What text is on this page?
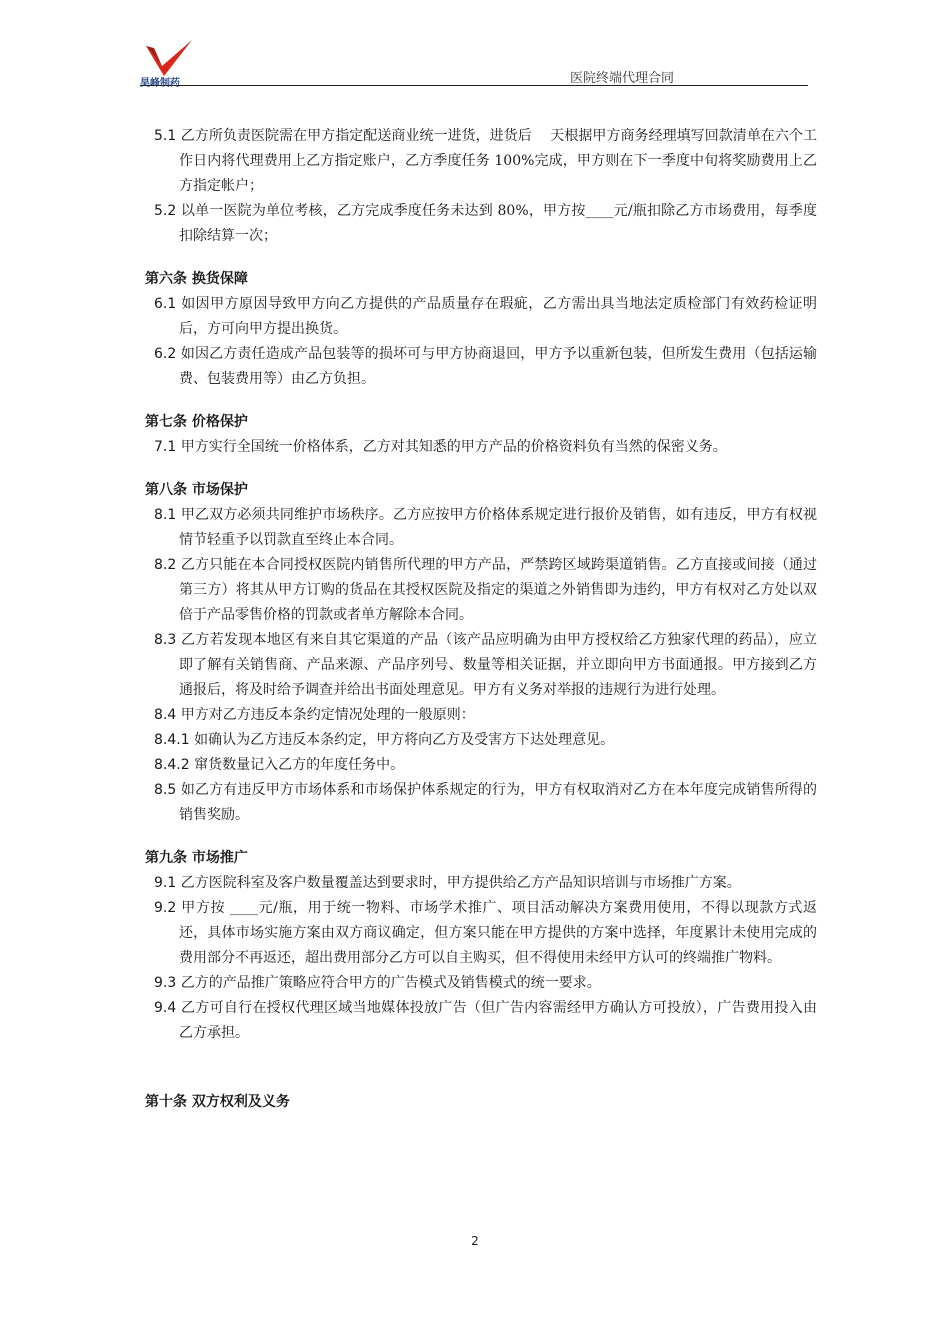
昊峰制药	医院终端代理合同

5.1 乙方所负责医院需在甲方指定配送商业统一进货，进货后　 天根据甲方商务经理填写回款清单在六个工作日内将代理费用上乙方指定账户，乙方季度任务 100%完成，甲方则在下一季度中旬将奖励费用上乙方指定帐户；

5.2 以单一医院为单位考核，乙方完成季度任务未达到 80%，甲方按____元/瓶扣除乙方市场费用，每季度扣除结算一次；

第六条 换货保障

6.1 如因甲方原因导致甲方向乙方提供的产品质量存在瑕疵，乙方需出具当地法定质检部门有效药检证明后，方可向甲方提出换货。

6.2 如因乙方责任造成产品包装等的损坏可与甲方协商退回，甲方予以重新包装，但所发生费用（包括运输费、包装费用等）由乙方负担。

第七条 价格保护

7.1 甲方实行全国统一价格体系，乙方对其知悉的甲方产品的价格资料负有当然的保密义务。

第八条 市场保护

8.1 甲乙双方必须共同维护市场秩序。乙方应按甲方价格体系规定进行报价及销售，如有违反，甲方有权视情节轻重予以罚款直至终止本合同。

8.2 乙方只能在本合同授权医院内销售所代理的甲方产品，严禁跨区域跨渠道销售。乙方直接或间接（通过第三方）将其从甲方订购的货品在其授权医院及指定的渠道之外销售即为违约，甲方有权对乙方处以双倍于产品零售价格的罚款或者单方解除本合同。

8.3 乙方若发现本地区有来自其它渠道的产品（该产品应明确为由甲方授权给乙方独家代理的药品），应立即了解有关销售商、产品来源、产品序列号、数量等相关证据，并立即向甲方书面通报。甲方接到乙方通报后，将及时给予调查并给出书面处理意见。甲方有义务对举报的违规行为进行处理。

8.4 甲方对乙方违反本条约定情况处理的一般原则：

8.4.1 如确认为乙方违反本条约定，甲方将向乙方及受害方下达处理意见。

8.4.2 窜货数量记入乙方的年度任务中。

8.5 如乙方有违反甲方市场体系和市场保护体系规定的行为，甲方有权取消对乙方在本年度完成销售所得的销售奖励。

第九条 市场推广

9.1 乙方医院科室及客户数量覆盖达到要求时，甲方提供给乙方产品知识培训与市场推广方案。

9.2 甲方按 ____元/瓶，用于统一物料、市场学术推广、项目活动解决方案费用使用，不得以现款方式返还，具体市场实施方案由双方商议确定，但方案只能在甲方提供的方案中选择，年度累计未使用完成的费用部分不再返还，超出费用部分乙方可以自主购买，但不得使用未经甲方认可的终端推广物料。

9.3 乙方的产品推广策略应符合甲方的广告模式及销售模式的统一要求。

9.4 乙方可自行在授权代理区域当地媒体投放广告（但广告内容需经甲方确认方可投放），广告费用投入由乙方承担。

第十条 双方权利及义务

2
